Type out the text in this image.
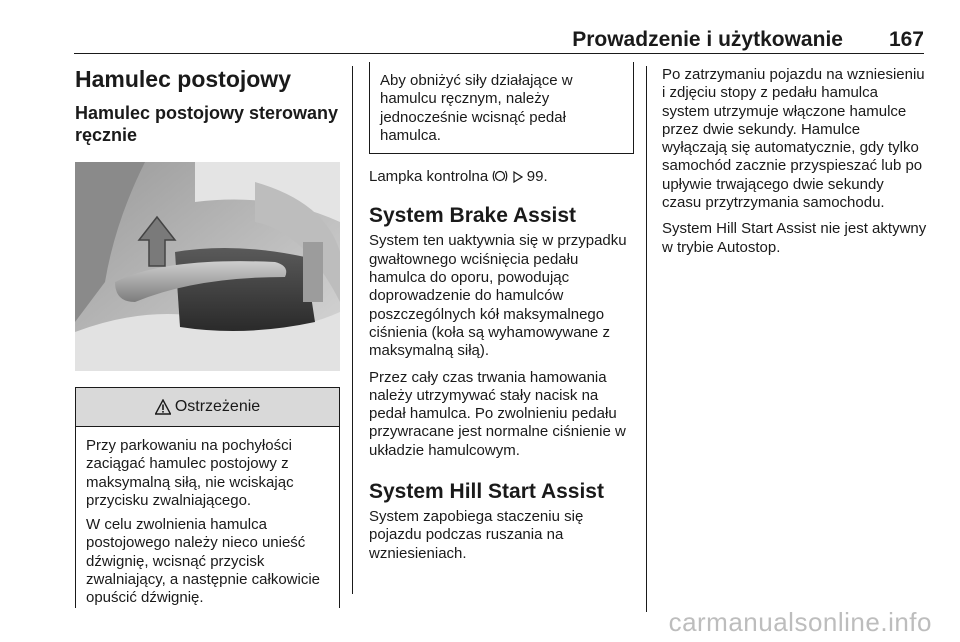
Prowadzenie i użytkowanie 167
Hamulec postojowy
Hamulec postojowy sterowany ręcznie
Ostrzeżenie

Przy parkowaniu na pochyłości zaciągać hamulec postojowy z maksymalną siłą, nie wciskając przycisku zwalniającego.

W celu zwolnienia hamulca postojowego należy nieco unieść dźwignię, wcisnąć przycisk zwalniający, a następnie całkowicie opuścić dźwignię.

Aby obniżyć siły działające w hamulcu ręcznym, należy jednocześnie wcisnąć pedał hamulca.

Lampka kontrolna	99.

System Brake Assist

System ten uaktywnia się w przypadku gwałtownego wciśnięcia pedału hamulca do oporu, powodując doprowadzenie do hamulców poszczególnych kół maksymalnego ciśnienia (koła są wyhamowywane z maksymalną siłą).

Przez cały czas trwania hamowania należy utrzymywać stały nacisk na pedał hamulca. Po zwolnieniu pedału przywracane jest normalne ciśnienie w układzie hamulcowym.

System Hill Start Assist

System zapobiega staczeniu się pojazdu podczas ruszania na wzniesieniach.

Po zatrzymaniu pojazdu na wzniesieniu i zdjęciu stopy z pedału hamulca system utrzymuje włączone hamulce przez dwie sekundy. Hamulce wyłączają się automatycznie, gdy tylko samochód zacznie przyspieszać lub po upływie trwającego dwie sekundy czasu przytrzymania samochodu.

System Hill Start Assist nie jest aktywny w trybie Autostop.

carmanualsonline.info
